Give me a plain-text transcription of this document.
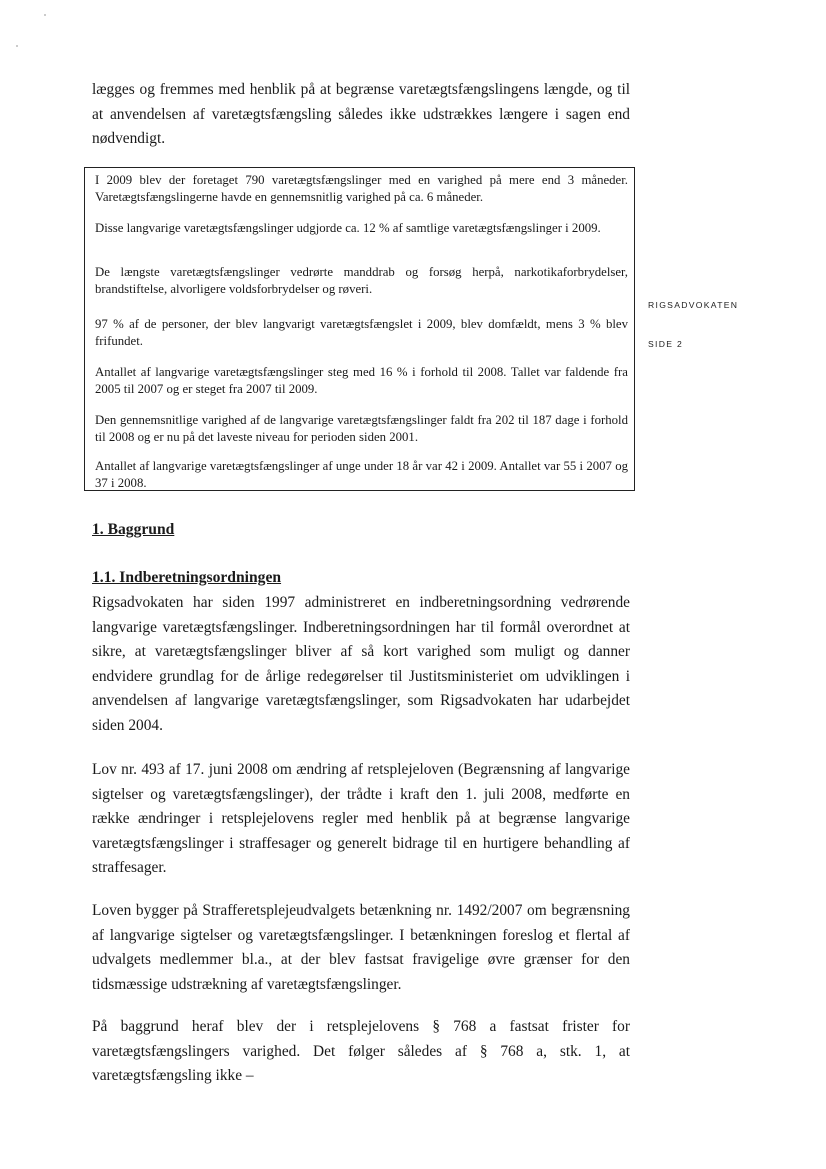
lægges og fremmes med henblik på at begrænse varetægtsfængslingens længde, og til at anvendelsen af varetægtsfængsling således ikke udstrækkes længere i sagen end nødvendigt.

I 2009 blev der foretaget 790 varetægtsfængslinger med en varighed på mere end 3 måneder. Varetægtsfængslingerne havde en gennemsnitlig varighed på ca. 6 måneder.

Disse langvarige varetægtsfængslinger udgjorde ca. 12 % af samtlige varetægtsfængslinger i 2009.

De længste varetægtsfængslinger vedrørte manddrab og forsøg herpå, narkotikaforbrydelser, brandstiftelse, alvorligere voldsforbrydelser og røveri.

97 % af de personer, der blev langvarigt varetægtsfængslet i 2009, blev domfældt, mens 3 % blev frifundet.

Antallet af langvarige varetægtsfængslinger steg med 16 % i forhold til 2008. Tallet var faldende fra 2005 til 2007 og er steget fra 2007 til 2009.

Den gennemsnitlige varighed af de langvarige varetægtsfængslinger faldt fra 202 til 187 dage i forhold til 2008 og er nu på det laveste niveau for perioden siden 2001.

Antallet af langvarige varetægtsfængslinger af unge under 18 år var 42 i 2009. Antallet var 55 i 2007 og 37 i 2008.

RIGSADVOKATEN
SIDE 2
1. Baggrund
1.1. Indberetningsordningen

Rigsadvokaten har siden 1997 administreret en indberetningsordning vedrørende langvarige varetægtsfængslinger. Indberetningsordningen har til formål overordnet at sikre, at varetægtsfængslinger bliver af så kort varighed som muligt og danner endvidere grundlag for de årlige redegørelser til Justitsministeriet om udviklingen i anvendelsen af langvarige varetægtsfængslinger, som Rigsadvokaten har udarbejdet siden 2004.

Lov nr. 493 af 17. juni 2008 om ændring af retsplejeloven (Begrænsning af langvarige sigtelser og varetægtsfængslinger), der trådte i kraft den 1. juli 2008, medførte en række ændringer i retsplejelovens regler med henblik på at begrænse langvarige varetægtsfængslinger i straffesager og generelt bidrage til en hurtigere behandling af straffesager.

Loven bygger på Strafferetsplejeudvalgets betænkning nr. 1492/2007 om begrænsning af langvarige sigtelser og varetægtsfængslinger. I betænkningen foreslog et flertal af udvalgets medlemmer bl.a., at der blev fastsat fravigelige øvre grænser for den tidsmæssige udstrækning af varetægtsfængslinger.

På baggrund heraf blev der i retsplejelovens § 768 a fastsat frister for varetægtsfængslingers varighed. Det følger således af § 768 a, stk. 1, at varetægtsfængsling ikke –
